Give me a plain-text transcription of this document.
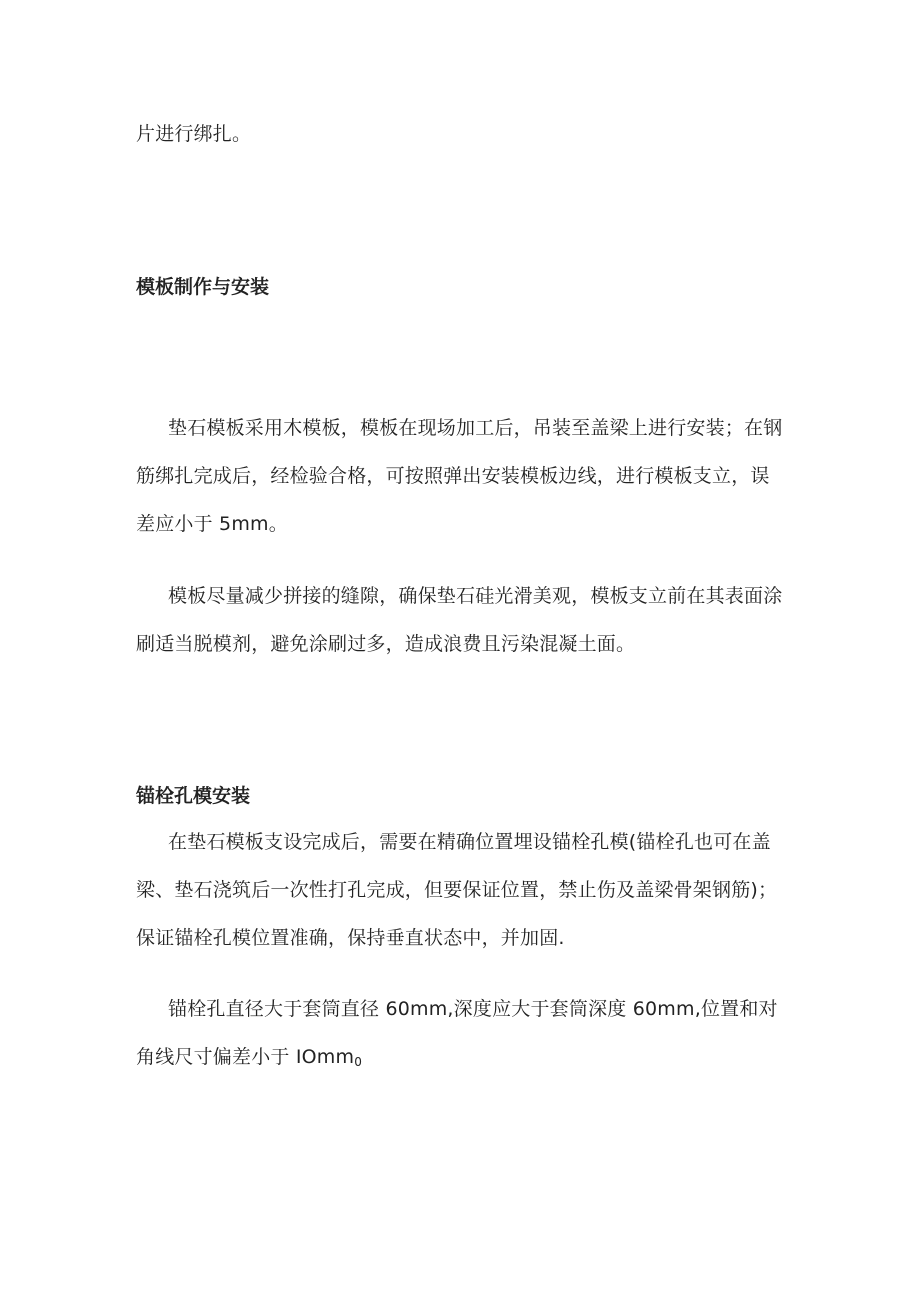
片进行绑扎。

模板制作与安装

垫石模板采用木模板，模板在现场加工后，吊装至盖梁上进行安装；在钢筋绑扎完成后，经检验合格，可按照弹出安装模板边线，进行模板支立，误差应小于 5mm。

模板尽量减少拼接的缝隙，确保垫石硅光滑美观，模板支立前在其表面涂刷适当脱模剂，避免涂刷过多，造成浪费且污染混凝土面。

锚栓孔模安装

在垫石模板支设完成后，需要在精确位置埋设锚栓孔模(锚栓孔也可在盖梁、垫石浇筑后一次性打孔完成，但要保证位置，禁止伤及盖梁骨架钢筋)；保证锚栓孔模位置准确，保持垂直状态中，并加固.

锚栓孔直径大于套筒直径 60mm,深度应大于套筒深度 60mm,位置和对角线尺寸偏差小于 IOmm$_0$
